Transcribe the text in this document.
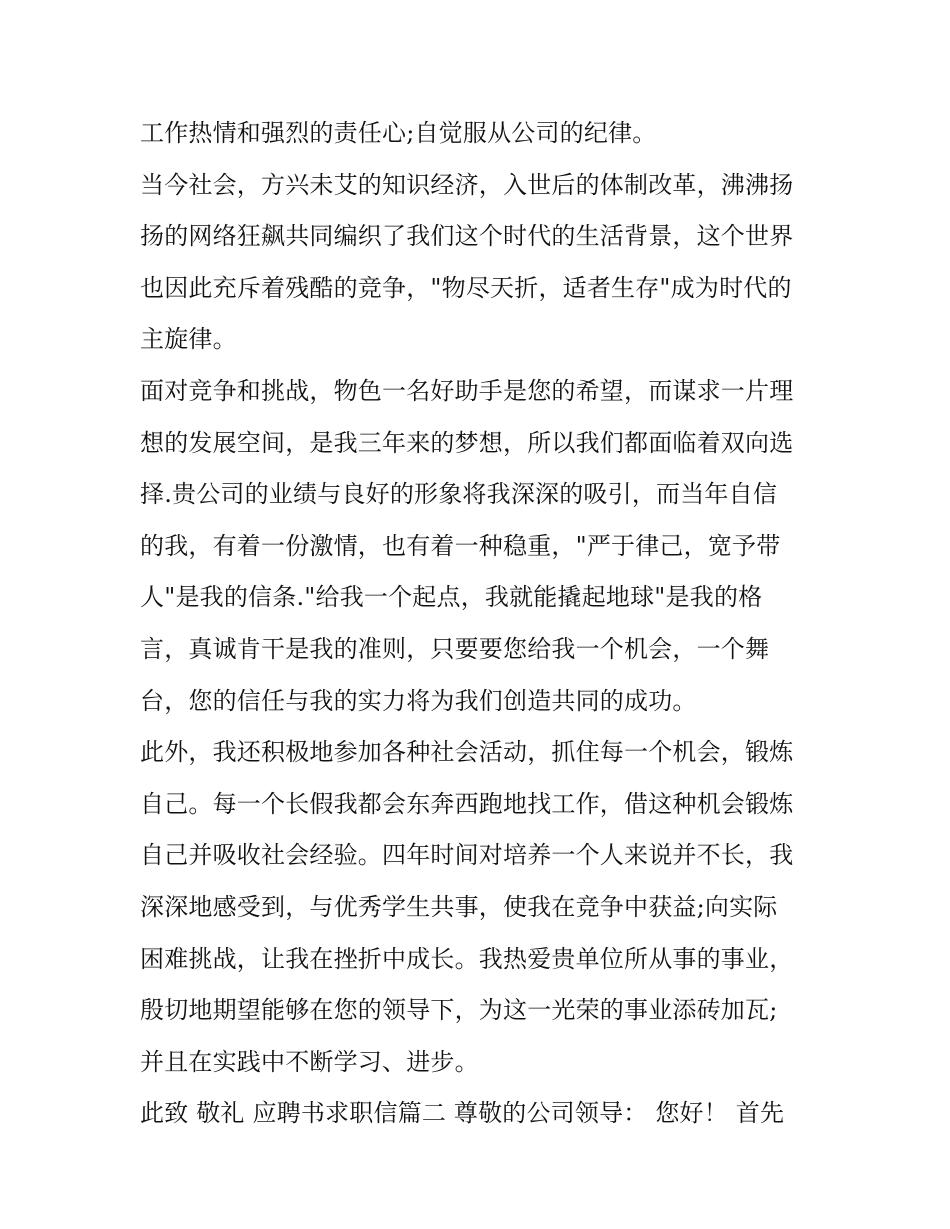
工作热情和强烈的责任心;自觉服从公司的纪律。
当今社会，方兴未艾的知识经济，入世后的体制改革，沸沸扬
扬的网络狂飙共同编织了我们这个时代的生活背景，这个世界
也因此充斥着残酷的竞争，"物尽天折，适者生存"成为时代的
主旋律。
面对竞争和挑战，物色一名好助手是您的希望，而谋求一片理
想的发展空间，是我三年来的梦想，所以我们都面临着双向选
择.贵公司的业绩与良好的形象将我深深的吸引，而当年自信
的我，有着一份激情，也有着一种稳重，"严于律己，宽予带
人"是我的信条."给我一个起点，我就能撬起地球"是我的格
言，真诚肯干是我的准则，只要要您给我一个机会，一个舞
台，您的信任与我的实力将为我们创造共同的成功。
此外，我还积极地参加各种社会活动，抓住每一个机会，锻炼
自己。每一个长假我都会东奔西跑地找工作，借这种机会锻炼
自己并吸收社会经验。四年时间对培养一个人来说并不长，我
深深地感受到，与优秀学生共事，使我在竞争中获益;向实际
困难挑战，让我在挫折中成长。我热爱贵单位所从事的事业，
殷切地期望能够在您的领导下，为这一光荣的事业添砖加瓦;
并且在实践中不断学习、进步。
此致 敬礼 应聘书求职信篇二 尊敬的公司领导： 您好！ 首先
